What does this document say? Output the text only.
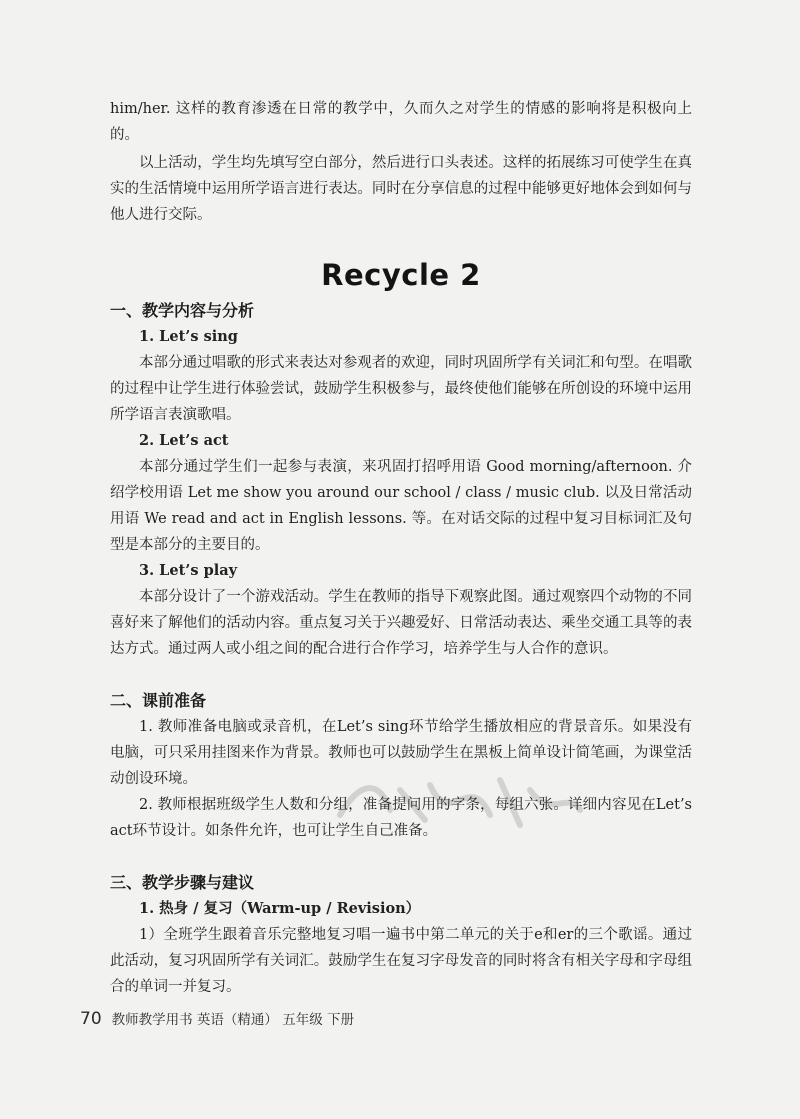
him/her. 这样的教育渗透在日常的教学中，久而久之对学生的情感的影响将是积极向上的。

以上活动，学生均先填写空白部分，然后进行口头表述。这样的拓展练习可使学生在真实的生活情境中运用所学语言进行表达。同时在分享信息的过程中能够更好地体会到如何与他人进行交际。

Recycle 2
一、教学内容与分析
1. Let’s sing

本部分通过唱歌的形式来表达对参观者的欢迎，同时巩固所学有关词汇和句型。在唱歌的过程中让学生进行体验尝试，鼓励学生积极参与，最终使他们能够在所创设的环境中运用所学语言表演歌唱。

2. Let’s act

本部分通过学生们一起参与表演，来巩固打招呼用语 Good morning/afternoon. 介绍学校用语 Let me show you around our school / class / music club. 以及日常活动用语 We read and act in English lessons. 等。在对话交际的过程中复习目标词汇及句型是本部分的主要目的。

3. Let’s play

本部分设计了一个游戏活动。学生在教师的指导下观察此图。通过观察四个动物的不同喜好来了解他们的活动内容。重点复习关于兴趣爱好、日常活动表达、乘坐交通工具等的表达方式。通过两人或小组之间的配合进行合作学习，培养学生与人合作的意识。

二、课前准备

1. 教师准备电脑或录音机，在Let’s sing环节给学生播放相应的背景音乐。如果没有电脑，可只采用挂图来作为背景。教师也可以鼓励学生在黑板上简单设计简笔画，为课堂活动创设环境。

2. 教师根据班级学生人数和分组，准备提问用的字条，每组六张。详细内容见在Let’s act环节设计。如条件允许，也可让学生自己准备。

三、教学步骤与建议
1. 热身 / 复习（Warm-up / Revision）

1）全班学生跟着音乐完整地复习唱一遍书中第二单元的关于e和er的三个歌谣。通过此活动，复习巩固所学有关词汇。鼓励学生在复习字母发音的同时将含有相关字母和字母组合的单词一并复习。

70 教师教学用书 英语（精通） 五年级 下册
